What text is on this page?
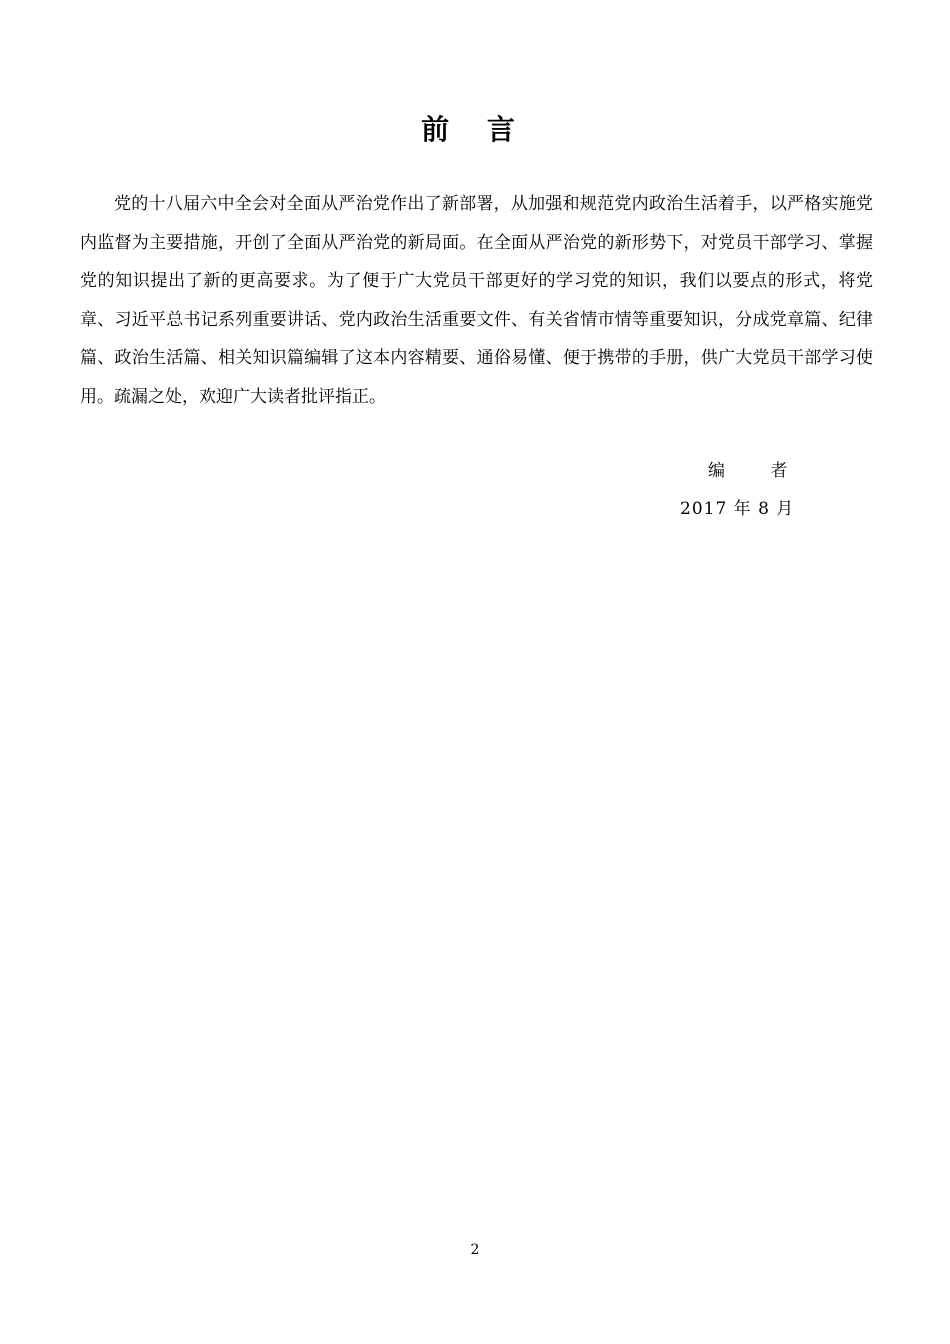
前 言

党的十八届六中全会对全面从严治党作出了新部署，从加强和规范党内政治生活着手，以严格实施党内监督为主要措施，开创了全面从严治党的新局面。在全面从严治党的新形势下，对党员干部学习、掌握党的知识提出了新的更高要求。为了便于广大党员干部更好的学习党的知识，我们以要点的形式，将党章、习近平总书记系列重要讲话、党内政治生活重要文件、有关省情市情等重要知识，分成党章篇、纪律篇、政治生活篇、相关知识篇编辑了这本内容精要、通俗易懂、便于携带的手册，供广大党员干部学习使用。疏漏之处，欢迎广大读者批评指正。

编 者
2017 年 8 月
2
